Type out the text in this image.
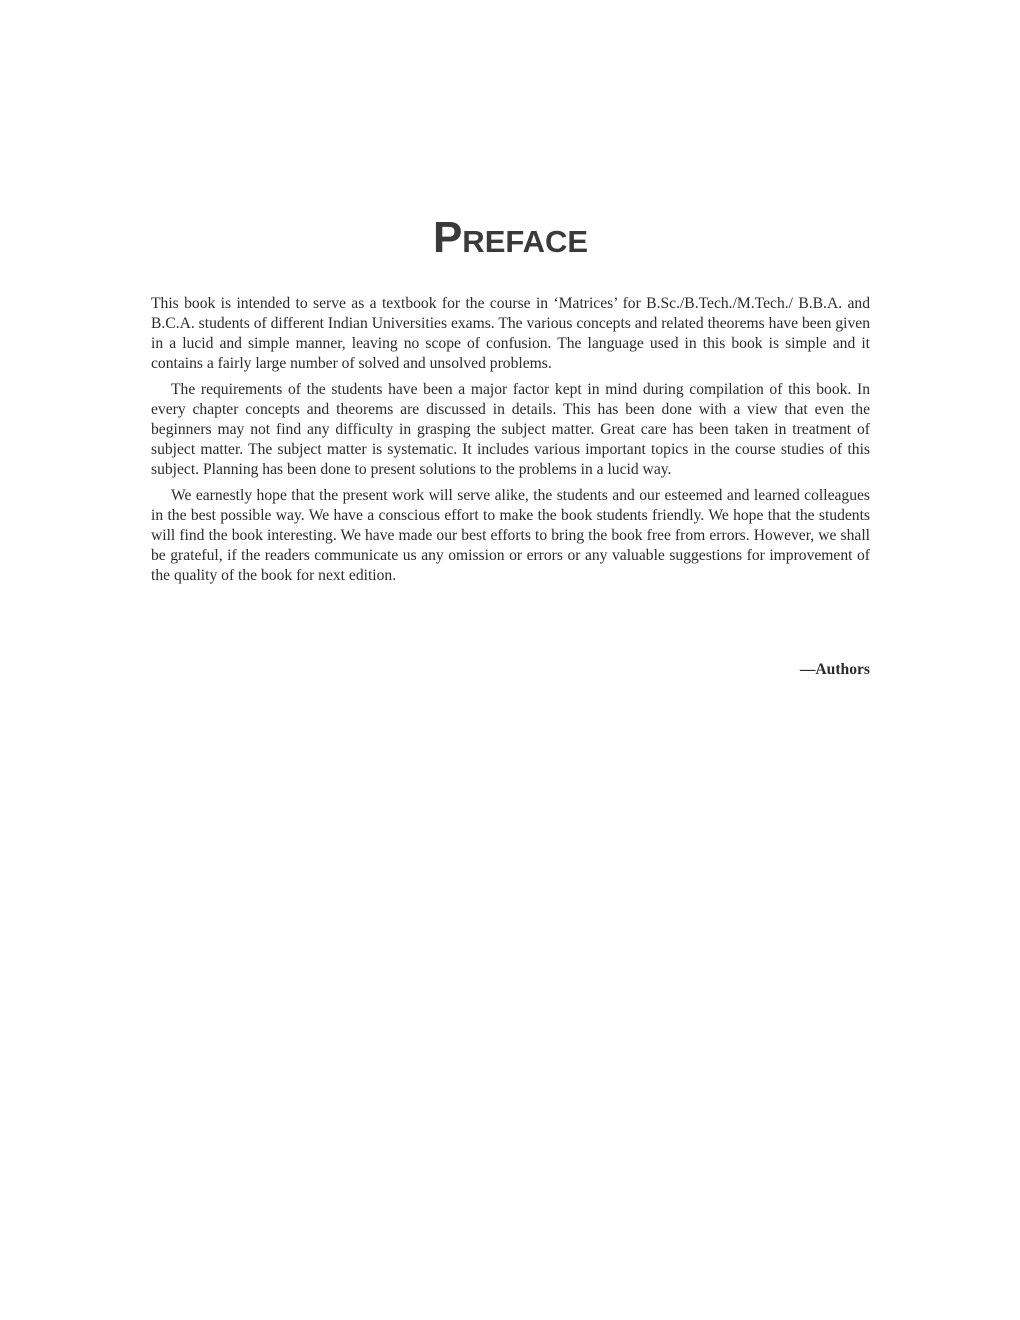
Preface

This book is intended to serve as a textbook for the course in ‘Matrices’ for B.Sc./B.Tech./M.Tech./ B.B.A. and B.C.A. students of different Indian Universities exams. The various concepts and related theorems have been given in a lucid and simple manner, leaving no scope of confusion. The language used in this book is simple and it contains a fairly large number of solved and unsolved problems.

The requirements of the students have been a major factor kept in mind during compilation of this book. In every chapter concepts and theorems are discussed in details. This has been done with a view that even the beginners may not find any difficulty in grasping the subject matter. Great care has been taken in treatment of subject matter. The subject matter is systematic. It includes various important topics in the course studies of this subject. Planning has been done to present solutions to the problems in a lucid way.

We earnestly hope that the present work will serve alike, the students and our esteemed and learned colleagues in the best possible way. We have a conscious effort to make the book students friendly. We hope that the students will find the book interesting. We have made our best efforts to bring the book free from errors. However, we shall be grateful, if the readers communicate us any omission or errors or any valuable suggestions for improvement of the quality of the book for next edition.

—Authors
